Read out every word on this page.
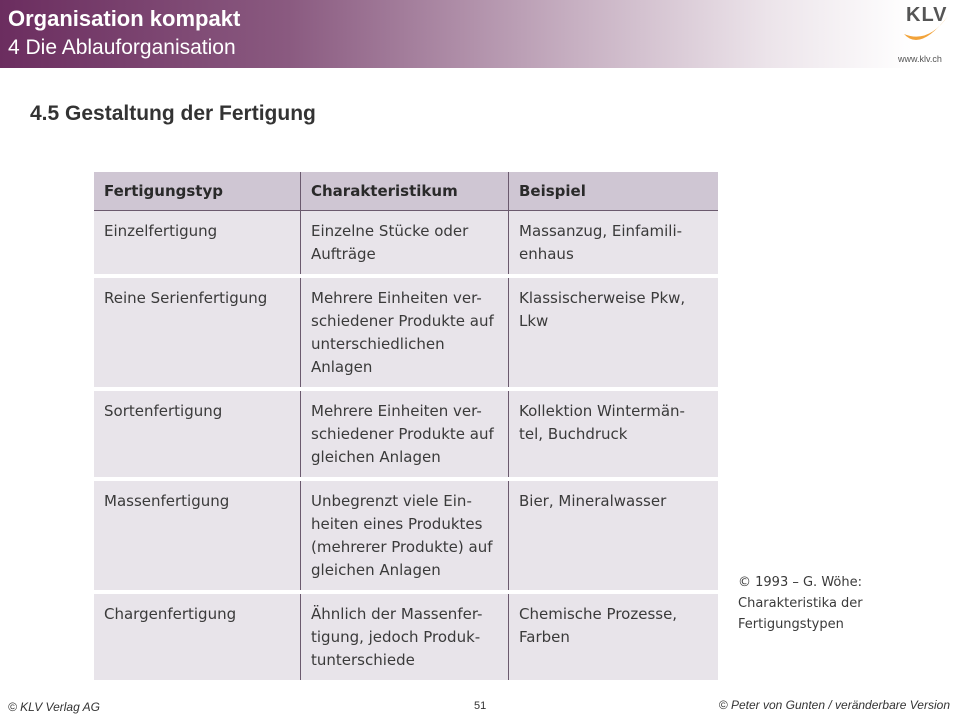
Organisation kompakt
4 Die Ablauforganisation
KLV
www.klv.ch
4.5 Gestaltung der Fertigung
Fertigungstyp	Charakteristikum	Beispiel
Einzelfertigung	Einzelne Stücke oder Aufträge	Massanzug, Einfamili-enhaus
Reine Serienfertigung	Mehrere Einheiten ver-schiedener Produkte auf unterschiedlichen Anlagen	Klassischerweise Pkw, Lkw
Sortenfertigung	Mehrere Einheiten ver-schiedener Produkte auf gleichen Anlagen	Kollektion Wintermän-tel, Buchdruck
Massenfertigung	Unbegrenzt viele Ein-heiten eines Produktes (mehrerer Produkte) auf gleichen Anlagen	Bier, Mineralwasser
Chargenfertigung	Ähnlich der Massenfer-tigung, jedoch Produk-tunterschiede	Chemische Prozesse, Farben
© 1993 – G. Wöhe: Charakteristika der Fertigungstypen
© KLV Verlag AG	51	© Peter von Gunten / veränderbare Version
